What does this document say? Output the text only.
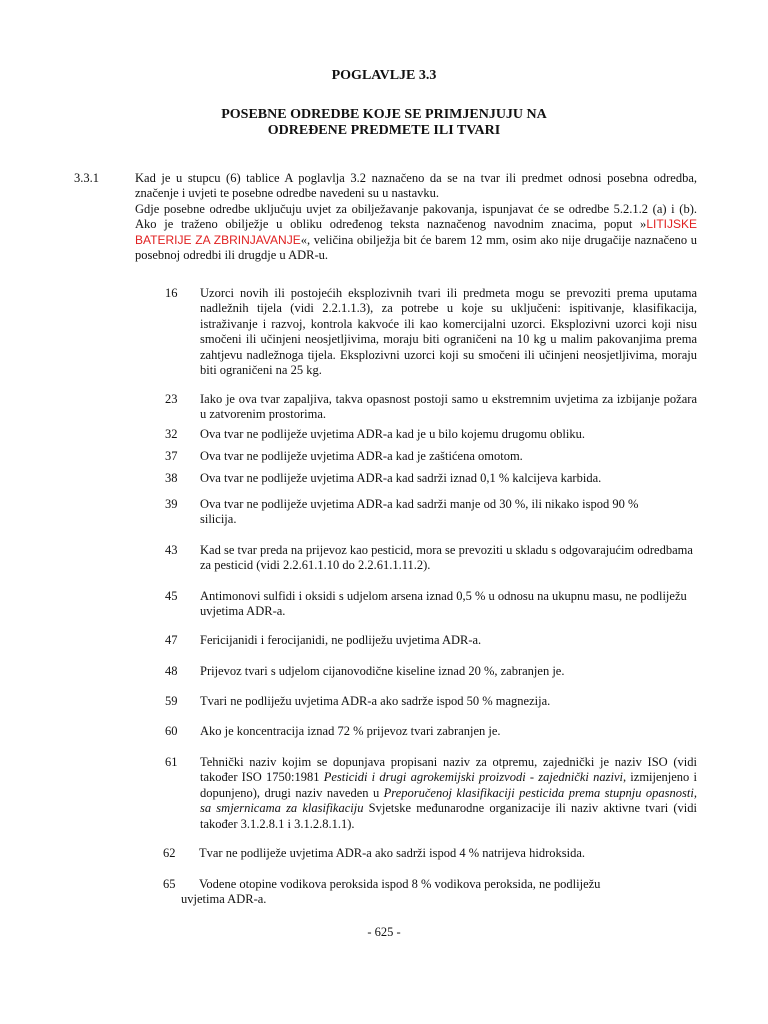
POGLAVLJE 3.3
POSEBNE ODREDBE KOJE SE PRIMJENJUJU NA
ODREĐENE PREDMETE ILI TVARI
3.3.1	Kad je u stupcu (6) tablice A poglavlja 3.2 naznačeno da se na tvar ili predmet odnosi posebna odredba, značenje i uvjeti te posebne odredbe navedeni su u nastavku.
Gdje posebne odredbe uključuju uvjet za obilježavanje pakovanja, ispunjavat će se odredbe 5.2.1.2 (a) i (b). Ako je traženo obilježje u obliku određenog teksta naznačenog navodnim znacima, poput »LITIJSKE BATERIJE ZA ZBRINJAVANJE«, veličina obilježja bit će barem 12 mm, osim ako nije drugačije naznačeno u posebnoj odredbi ili drugdje u ADR-u.
16 Uzorci novih ili postojećih eksplozivnih tvari ili predmeta mogu se prevoziti prema uputama nadležnih tijela (vidi 2.2.1.1.3), za potrebe u koje su uključeni: ispitivanje, klasifikacija, istraživanje i razvoj, kontrola kakvoće ili kao komercijalni uzorci. Eksplozivni uzorci koji nisu smočeni ili učinjeni neosjetljivima, moraju biti ograničeni na 10 kg u malim pakovanjima prema zahtjevu nadležnoga tijela. Eksplozivni uzorci koji su smočeni ili učinjeni neosjetljivima, moraju biti ograničeni na 25 kg.
23 Iako je ova tvar zapaljiva, takva opasnost postoji samo u ekstremnim uvjetima za izbijanje požara u zatvorenim prostorima.
32 Ova tvar ne podliježe uvjetima ADR-a kad je u bilo kojemu drugomu obliku.
37 Ova tvar ne podliježe uvjetima ADR-a kad je zaštićena omotom.
38 Ova tvar ne podliježe uvjetima ADR-a kad sadrži iznad 0,1 % kalcijeva karbida.
39 Ova tvar ne podliježe uvjetima ADR-a kad sadrži manje od 30 %, ili nikako ispod 90 % silicija.
43 Kad se tvar preda na prijevoz kao pesticid, mora se prevoziti u skladu s odgovarajućim odredbama za pesticid (vidi 2.2.61.1.10 do 2.2.61.1.11.2).
45 Antimonovi sulfidi i oksidi s udjelom arsena iznad 0,5 % u odnosu na ukupnu masu, ne podliježu uvjetima ADR-a.
47 Fericijanidi i ferocijanidi, ne podliježu uvjetima ADR-a.
48 Prijevoz tvari s udjelom cijanovodične kiseline iznad 20 %, zabranjen je.
59 Tvari ne podliježu uvjetima ADR-a ako sadrže ispod 50 % magnezija.
60 Ako je koncentracija iznad 72 % prijevoz tvari zabranjen je.
61 Tehnički naziv kojim se dopunjava propisani naziv za otpremu, zajednički je naziv ISO (vidi također ISO 1750:1981 Pesticidi i drugi agrokemijski proizvodi - zajednički nazivi, izmijenjeno i dopunjeno), drugi naziv naveden u Preporučenoj klasifikaciji pesticida prema stupnju opasnosti, sa smjernicama za klasifikaciju Svjetske međunarodne organizacije ili naziv aktivne tvari (vidi također 3.1.2.8.1 i 3.1.2.8.1.1).
62 Tvar ne podliježe uvjetima ADR-a ako sadrži ispod 4 % natrijeva hidroksida.
65 Vodene otopine vodikova peroksida ispod 8 % vodikova peroksida, ne podliježu
uvjetima ADR-a.
- 625 -
